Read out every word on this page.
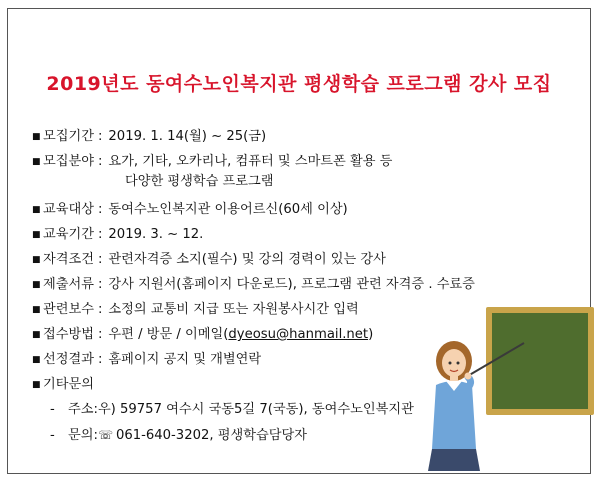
2019년도 동여수노인복지관 평생학습 프로그램 강사 모집
■ 모집기간 : 2019. 1. 14(월) ~ 25(금)
■ 모집분야 : 요가, 기타, 오카리나, 컴퓨터 및 스마트폰 활용 등
다양한 평생학습 프로그램
■ 교육대상 : 동여수노인복지관 이용어르신(60세 이상)
■ 교육기간 : 2019. 3. ~ 12.
■ 자격조건 : 관련자격증 소지(필수) 및 강의 경력이 있는 강사
■ 제출서류 : 강사 지원서(홈페이지 다운로드), 프로그램 관련 자격증 . 수료증
■ 관련보수 : 소정의 교통비 지급 또는 자원봉사시간 입력
■ 접수방법 : 우편 / 방문 / 이메일(dyeosu@hanmail.net)
■ 선정결과 : 홈페이지 공지 및 개별연락
■ 기타문의
- 주소:우) 59757 여수시 국동5길 7(국동), 동여수노인복지관
- 문의:☏ 061-640-3202, 평생학습담당자
